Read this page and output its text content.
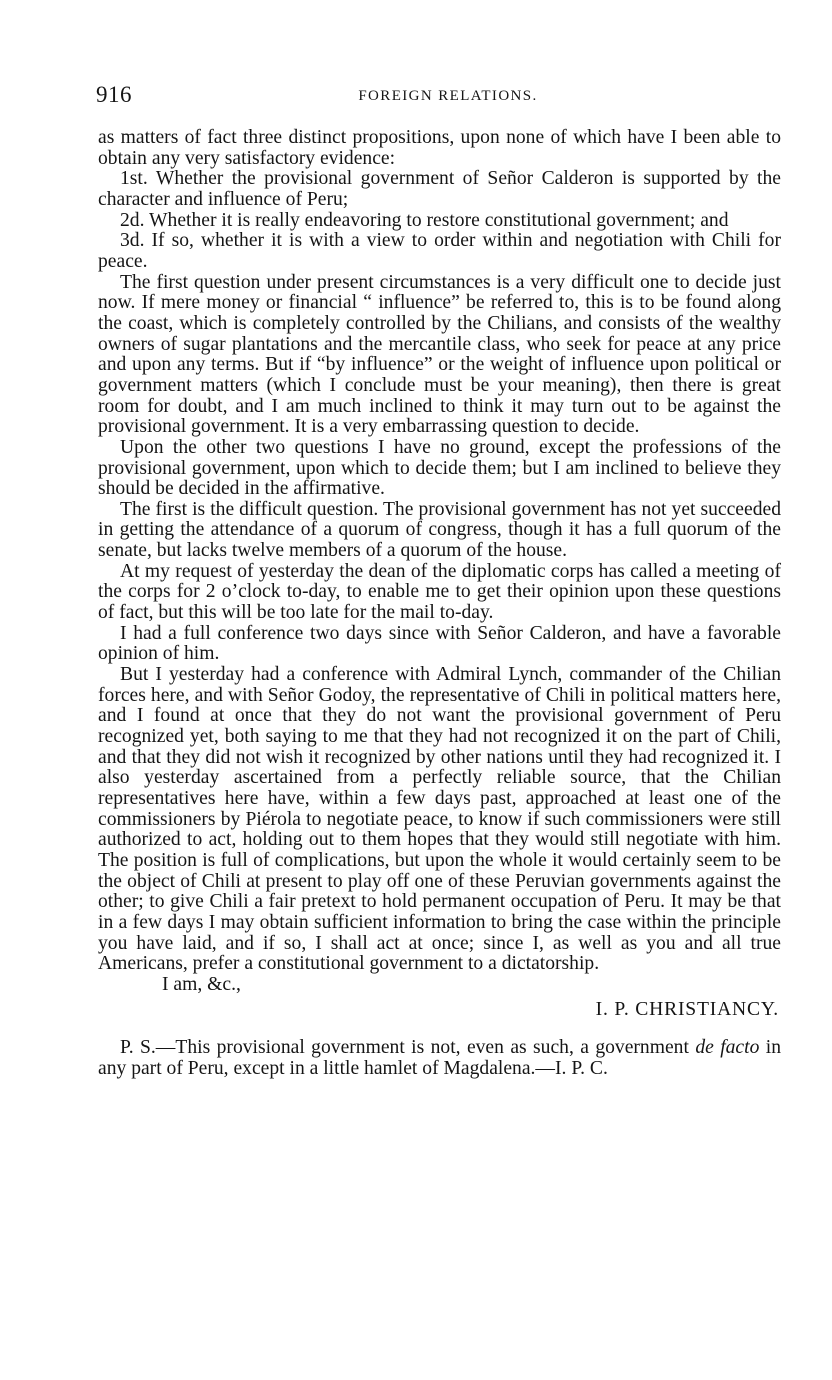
916	FOREIGN RELATIONS.

as matters of fact three distinct propositions, upon none of which have I been able to obtain any very satisfactory evidence:

1st. Whether the provisional government of Señor Calderon is supported by the character and influence of Peru;

2d. Whether it is really endeavoring to restore constitutional government; and

3d. If so, whether it is with a view to order within and negotiation with Chili for peace.

The first question under present circumstances is a very difficult one to decide just now. If mere money or financial “ influence” be referred to, this is to be found along the coast, which is completely controlled by the Chilians, and consists of the wealthy owners of sugar plantations and the mercantile class, who seek for peace at any price and upon any terms. But if “by influence” or the weight of influence upon political or government matters (which I conclude must be your meaning), then there is great room for doubt, and I am much inclined to think it may turn out to be against the provisional government. It is a very embarrassing question to decide.

Upon the other two questions I have no ground, except the professions of the provisional government, upon which to decide them; but I am inclined to believe they should be decided in the affirmative.

The first is the difficult question. The provisional government has not yet succeeded in getting the attendance of a quorum of congress, though it has a full quorum of the senate, but lacks twelve members of a quorum of the house.

At my request of yesterday the dean of the diplomatic corps has called a meeting of the corps for 2 o’clock to-day, to enable me to get their opinion upon these questions of fact, but this will be too late for the mail to-day.

I had a full conference two days since with Señor Calderon, and have a favorable opinion of him.

But I yesterday had a conference with Admiral Lynch, commander of the Chilian forces here, and with Señor Godoy, the representative of Chili in political matters here, and I found at once that they do not want the provisional government of Peru recognized yet, both saying to me that they had not recognized it on the part of Chili, and that they did not wish it recognized by other nations until they had recognized it. I also yesterday ascertained from a perfectly reliable source, that the Chilian representatives here have, within a few days past, approached at least one of the commissioners by Piérola to negotiate peace, to know if such commissioners were still authorized to act, holding out to them hopes that they would still negotiate with him. The position is full of complications, but upon the whole it would certainly seem to be the object of Chili at present to play off one of these Peruvian governments against the other; to give Chili a fair pretext to hold permanent occupation of Peru. It may be that in a few days I may obtain sufficient information to bring the case within the principle you have laid, and if so, I shall act at once; since I, as well as you and all true Americans, prefer a constitutional government to a dictatorship.

I am, &c.,

I. P. CHRISTIANCY.

P. S.—This provisional government is not, even as such, a government de facto in any part of Peru, except in a little hamlet of Magdalena.—I. P. C.
